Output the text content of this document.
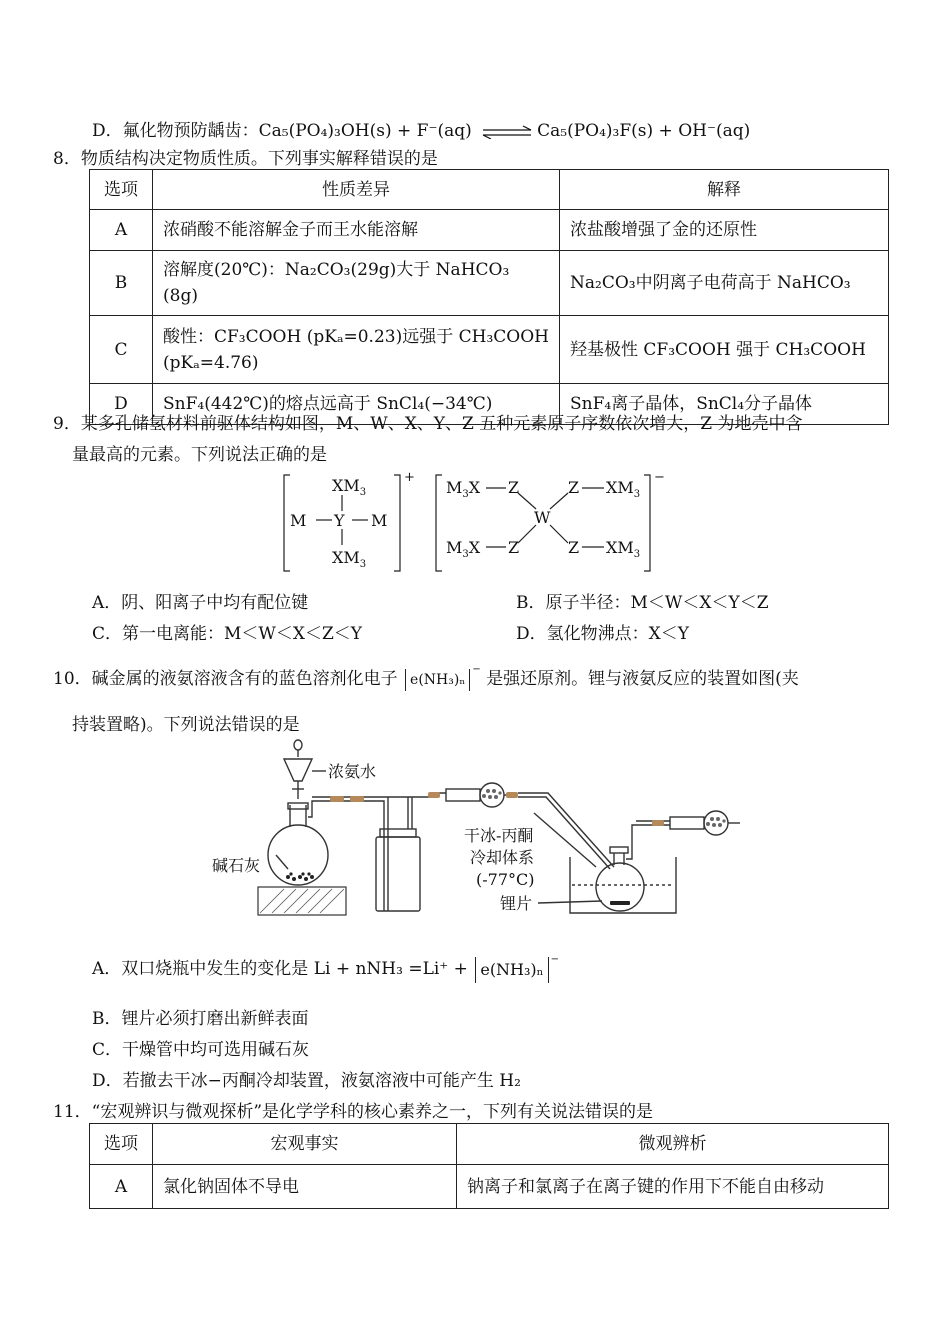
D．氟化物预防龋齿：Ca₅(PO₄)₃OH(s) + F⁻(aq) ⇌ Ca₅(PO₄)₃F(s) + OH⁻(aq)
8．物质结构决定物质性质。下列事实解释错误的是
选项	性质差异	解释
A	浓硝酸不能溶解金子而王水能溶解	浓盐酸增强了金的还原性
B	溶解度(20℃)：Na₂CO₃(29g)大于 NaHCO₃ (8g)	Na₂CO₃中阴离子电荷高于 NaHCO₃
C	酸性：CF₃COOH (pKₐ=0.23)远强于 CH₃COOH (pKₐ=4.76)	羟基极性 CF₃COOH 强于 CH₃COOH
D	SnF₄(442℃)的熔点远高于 SnCl₄(−34℃)	SnF₄离子晶体，SnCl₄分子晶体
9．某多孔储氢材料前驱体结构如图，M、W、X、Y、Z 五种元素原子序数依次增大，Z 为地壳中含
量最高的元素。下列说法正确的是
$XM_3$
M Y M
$XM_3$
+
$M_3X$ Z	Z $XM_3$
W
$M_3X$ Z	Z $XM_3$
−
A．阴、阳离子中均有配位键	B．原子半径：M＜W＜X＜Y＜Z
C．第一电离能：M＜W＜X＜Z＜Y	D．氢化物沸点：X＜Y
10．碱金属的液氨溶液含有的蓝色溶剂化电子 e(NH₃)ₙ− 是强还原剂。锂与液氨反应的装置如图(夹
持装置略)。下列说法错误的是
浓氨水
碱石灰
干冰-丙酮
冷却体系
(-77°C)
锂片
A．双口烧瓶中发生的变化是 Li + nNH₃ =Li⁺ + e(NH₃)ₙ −
B．锂片必须打磨出新鲜表面
C．干燥管中均可选用碱石灰
D．若撤去干冰−丙酮冷却装置，液氨溶液中可能产生 H₂
11．“宏观辨识与微观探析”是化学学科的核心素养之一，下列有关说法错误的是
选项	宏观事实	微观辨析
A	氯化钠固体不导电	钠离子和氯离子在离子键的作用下不能自由移动
